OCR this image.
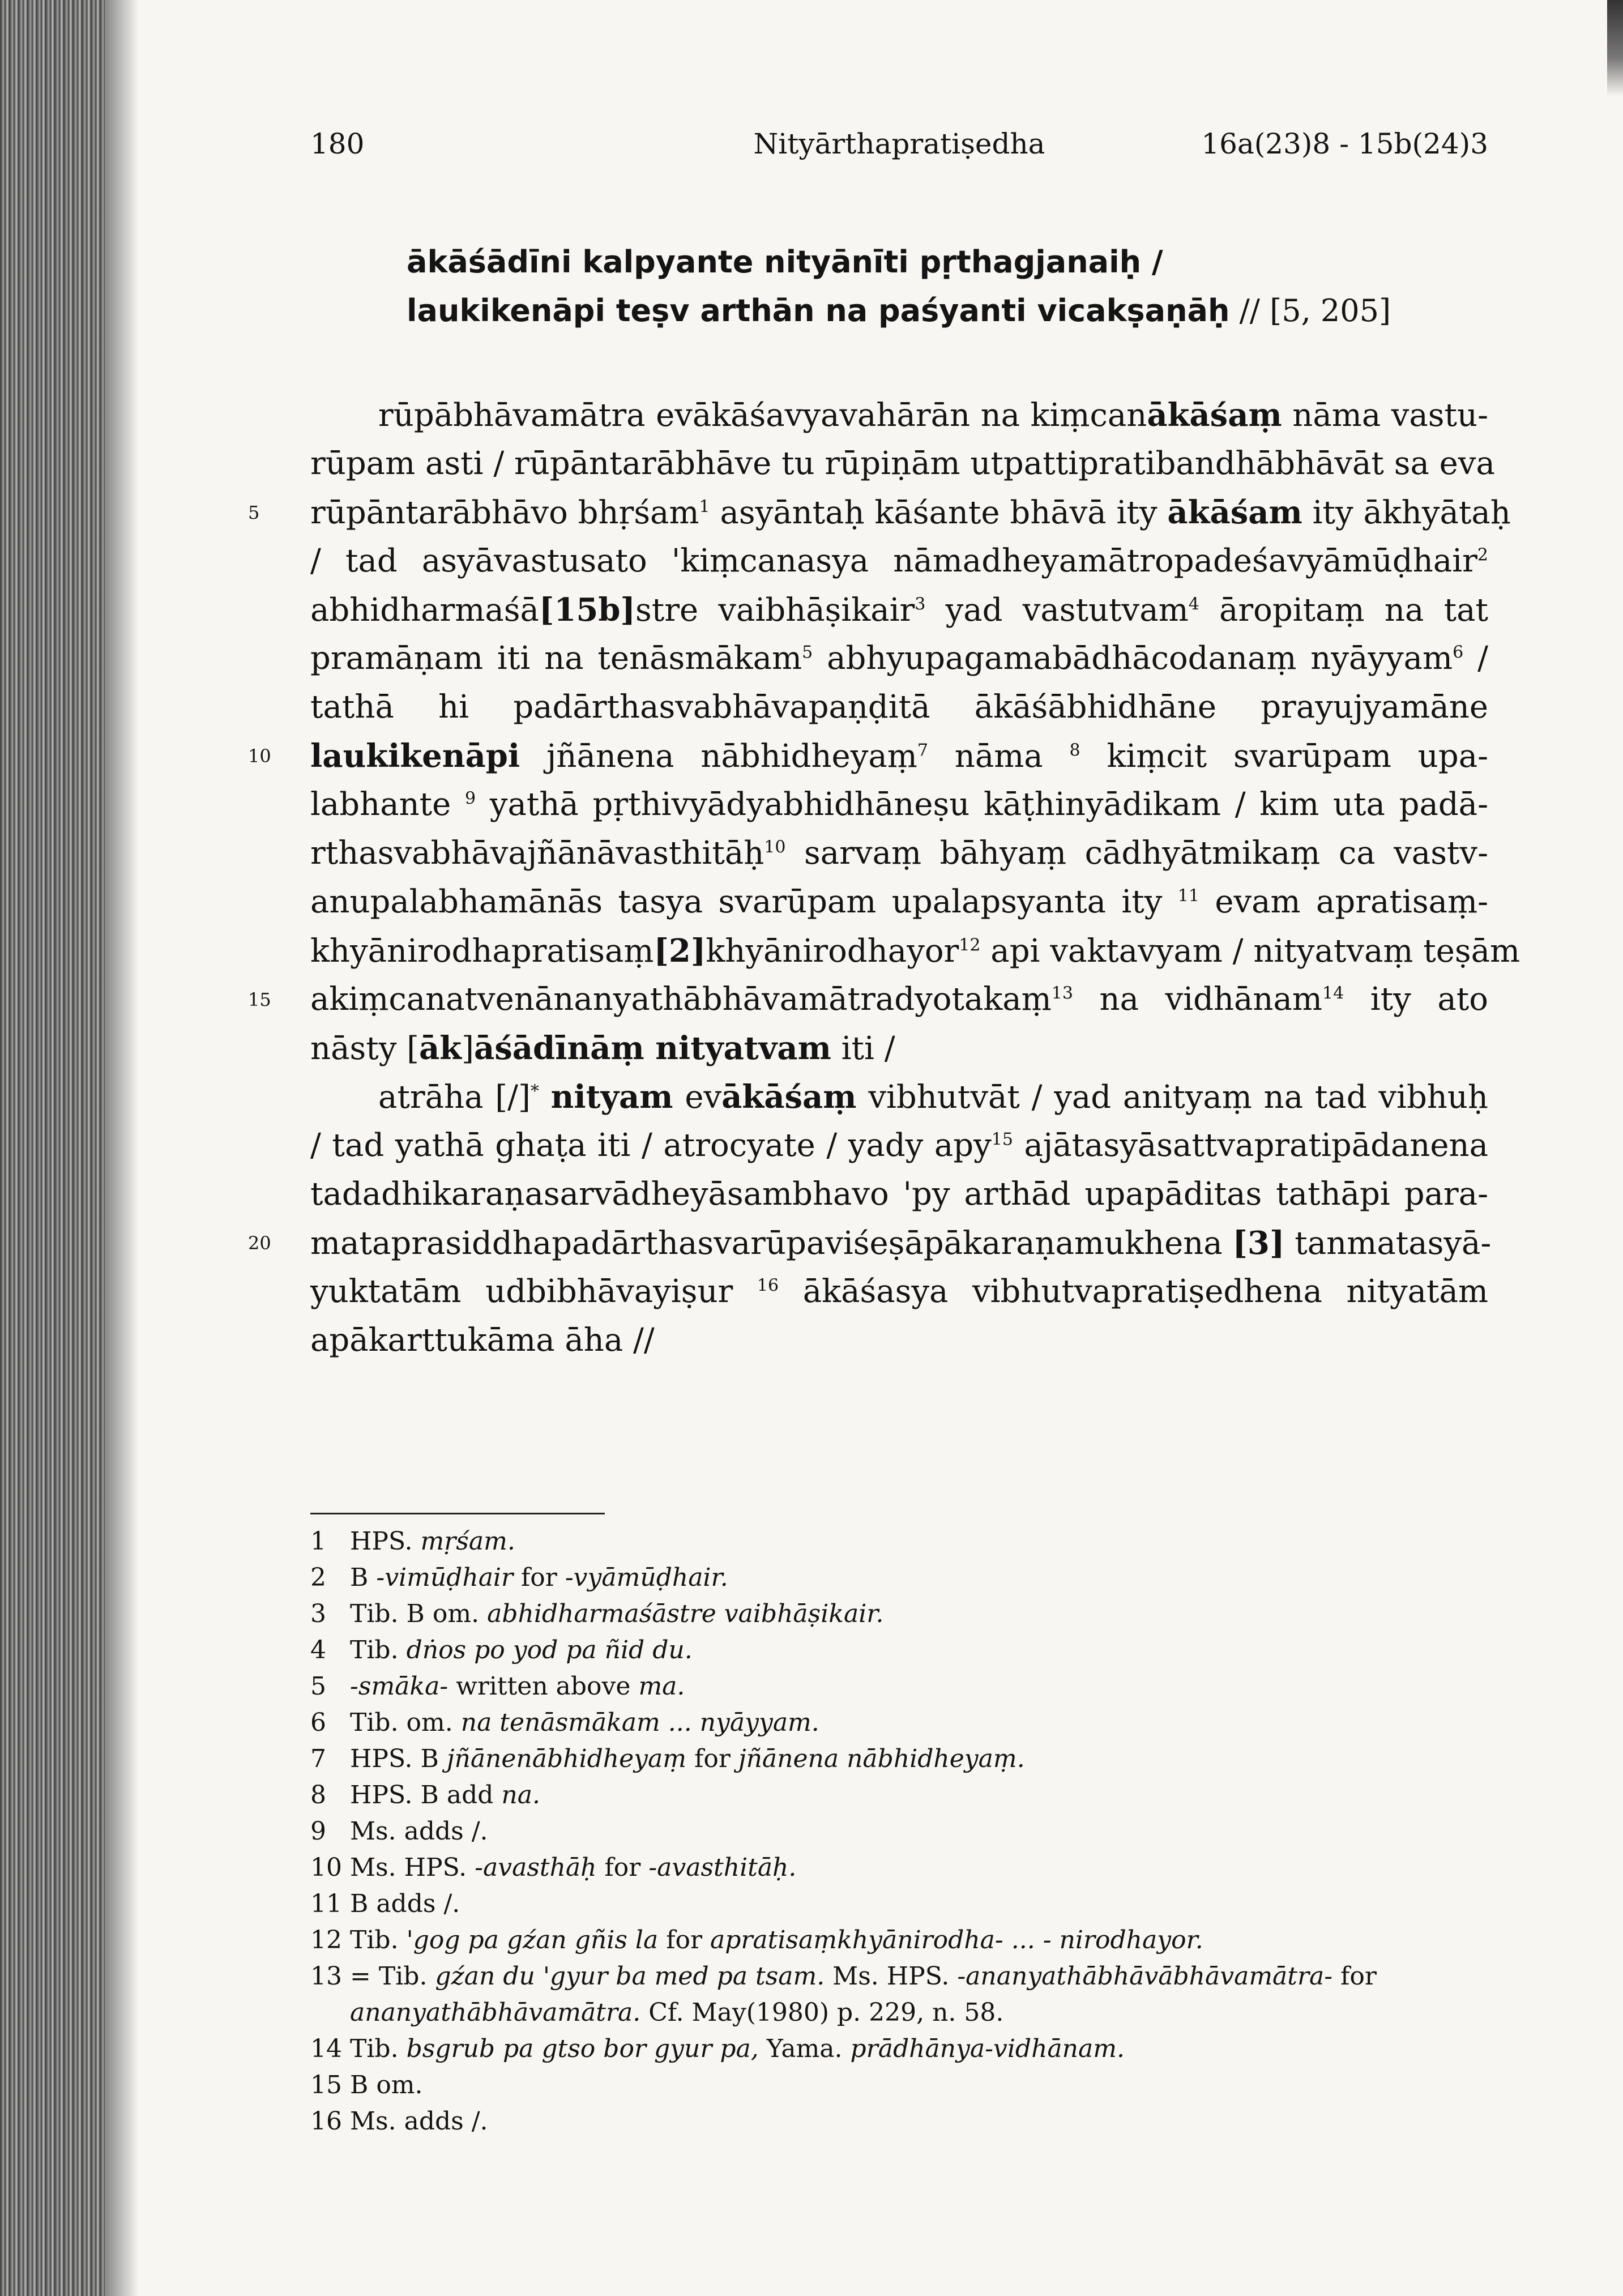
180	Nityārthapratiṣedha	16a(23)8 - 15b(24)3
ākāśādīni kalpyante nityānīti pṛthagjanaiḥ /
laukikenāpi teṣv arthān na paśyanti vicakṣaṇāḥ // [5, 205]
rūpābhāvamātra evākāśavyavahārān na kiṃcanākāśaṃ nāma vastu-
rūpam asti / rūpāntarābhāve tu rūpiṇām utpattipratibandhābhāvāt sa eva
5	rūpāntarābhāvo bhṛśam$^1$ asyāntaḥ kāśante bhāvā ity ākāśam ity ākhyātaḥ
/ tad asyāvastusato 'kiṃcanasya nāmadheyamātropadeśavyāmūḍhair$^2$
abhidharmaśā[15b]stre vaibhāṣikair$^3$ yad vastutvam$^4$ āropitaṃ na tat
pramāṇam iti na tenāsmākam$^5$ abhyupagamabādhācodanaṃ nyāyyam$^6$ /
tathā hi padārthasvabhāvapaṇḍitā ākāśābhidhāne prayujyamāne
10	laukikenāpi jñānena nābhidheyaṃ$^7$ nāma $^8$ kiṃcit svarūpam upa-
labhante $^9$ yathā pṛthivyādyabhidhāneṣu kāṭhinyādikam / kim uta padā-
rthasvabhāvajñānāvasthitāḥ$^{10}$ sarvaṃ bāhyaṃ cādhyātmikaṃ ca vastv-
anupalabhamānās tasya svarūpam upalapsyanta ity $^{11}$ evam apratisaṃ-
khyānirodhapratisaṃ[2]khyānirodhayor$^{12}$ api vaktavyam / nityatvaṃ teṣām
15	akiṃcanatvenānanyathābhāvamātradyotakaṃ$^{13}$ na vidhānam$^{14}$ ity ato
nāsty [āk]āśādīnāṃ nityatvam iti /
atrāha [/]* nityam evākāśaṃ vibhutvāt / yad anityaṃ na tad vibhuḥ
/ tad yathā ghaṭa iti / atrocyate / yady apy$^{15}$ ajātasyāsattvapratipādanena
tadadhikaraṇasarvādheyāsambhavo 'py arthād upapāditas tathāpi para-
20	mataprasiddhapadārthasvarūpaviśeṣāpākaraṇamukhena [3] tanmatasyā-
yuktatām udbibhāvayiṣur $^{16}$ ākāśasya vibhutvapratiṣedhena nityatām
apākarttukāma āha //
1 HPS. mṛśam.
2 B -vimūḍhair for -vyāmūḍhair.
3 Tib. B om. abhidharmaśāstre vaibhāṣikair.
4 Tib. dṅos po yod pa ñid du.
5 -smāka- written above ma.
6 Tib. om. na tenāsmākam ... nyāyyam.
7 HPS. B jñānenābhidheyaṃ for jñānena nābhidheyaṃ.
8 HPS. B add na.
9 Ms. adds /.
10 Ms. HPS. -avasthāḥ for -avasthitāḥ.
11 B adds /.
12 Tib. 'gog pa gźan gñis la for apratisaṃkhyānirodha- ... - nirodhayor.
13 = Tib. gźan du 'gyur ba med pa tsam. Ms. HPS. -ananyathābhāvābhāvamātra- for
ananyathābhāvamātra. Cf. May(1980) p. 229, n. 58.
14 Tib. bsgrub pa gtso bor gyur pa, Yama. prādhānya-vidhānam.
15 B om.
16 Ms. adds /.
